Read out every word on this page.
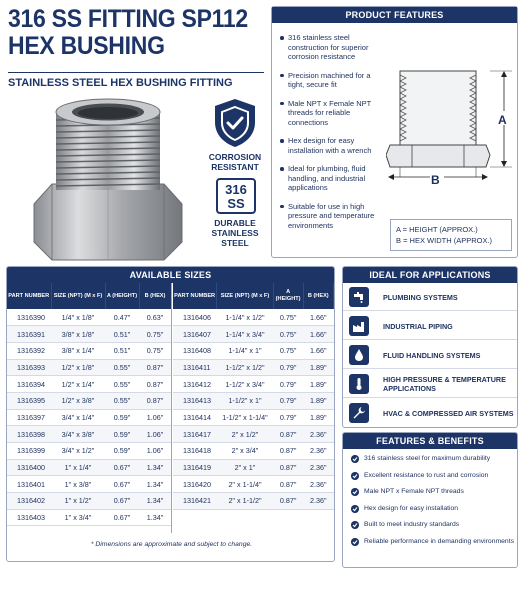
316 SS FITTING SP112
HEX BUSHING
STAINLESS STEEL HEX BUSHING FITTING
CORROSION RESISTANT
316
SS
DURABLE STAINLESS STEEL
PRODUCT FEATURES
316 stainless steel construction for superior corrosion resistance
Precision machined for a tight, secure fit
Male NPT x Female NPT threads for reliable connections
Hex design for easy installation with a wrench
Ideal for plumbing, fluid handling, and industrial applications
Suitable for use in high pressure and temperature environments
A
B
A = HEIGHT (APPROX.)
B = HEX WIDTH (APPROX.)
AVAILABLE SIZES
PART NUMBER	SIZE (NPT) (M x F)	A (HEIGHT)	B (HEX)
1316390	1/4" x 1/8"	0.47"	0.63"
1316391	3/8" x 1/8"	0.51"	0.75"
1316392	3/8" x 1/4"	0.51"	0.75"
1316393	1/2" x 1/8"	0.55"	0.87"
1316394	1/2" x 1/4"	0.55"	0.87"
1316395	1/2" x 3/8"	0.55"	0.87"
1316397	3/4" x 1/4"	0.59"	1.06"
1316398	3/4" x 3/8"	0.59"	1.06"
1316399	3/4" x 1/2"	0.59"	1.06"
1316400	1" x 1/4"	0.67"	1.34"
1316401	1" x 3/8"	0.67"	1.34"
1316402	1" x 1/2"	0.67"	1.34"
1316403	1" x 3/4"	0.67"	1.34"
PART NUMBER	SIZE (NPT) (M x F)	A (HEIGHT)	B (HEX)
1316406	1-1/4" x 1/2"	0.75"	1.66"
1316407	1-1/4" x 3/4"	0.75"	1.66"
1316408	1-1/4" x 1"	0.75"	1.66"
1316411	1-1/2" x 1/2"	0.79"	1.89"
1316412	1-1/2" x 3/4"	0.79"	1.89"
1316413	1-1/2" x 1"	0.79"	1.89"
1316414	1-1/2" x 1-1/4"	0.79"	1.89"
1316417	2" x 1/2"	0.87"	2.36"
1316418	2" x 3/4"	0.87"	2.36"
1316419	2" x 1"	0.87"	2.36"
1316420	2" x 1-1/4"	0.87"	2.36"
1316421	2" x 1-1/2"	0.87"	2.36"
* Dimensions are approximate and subject to change.
IDEAL FOR APPLICATIONS
PLUMBING SYSTEMS
INDUSTRIAL PIPING
FLUID HANDLING SYSTEMS
HIGH PRESSURE & TEMPERATURE APPLICATIONS
HVAC & COMPRESSED AIR SYSTEMS
FEATURES & BENEFITS
316 stainless steel for maximum durability
Excellent resistance to rust and corrosion
Male NPT x Female NPT threads
Hex design for easy installation
Built to meet industry standards
Reliable performance in demanding environments
